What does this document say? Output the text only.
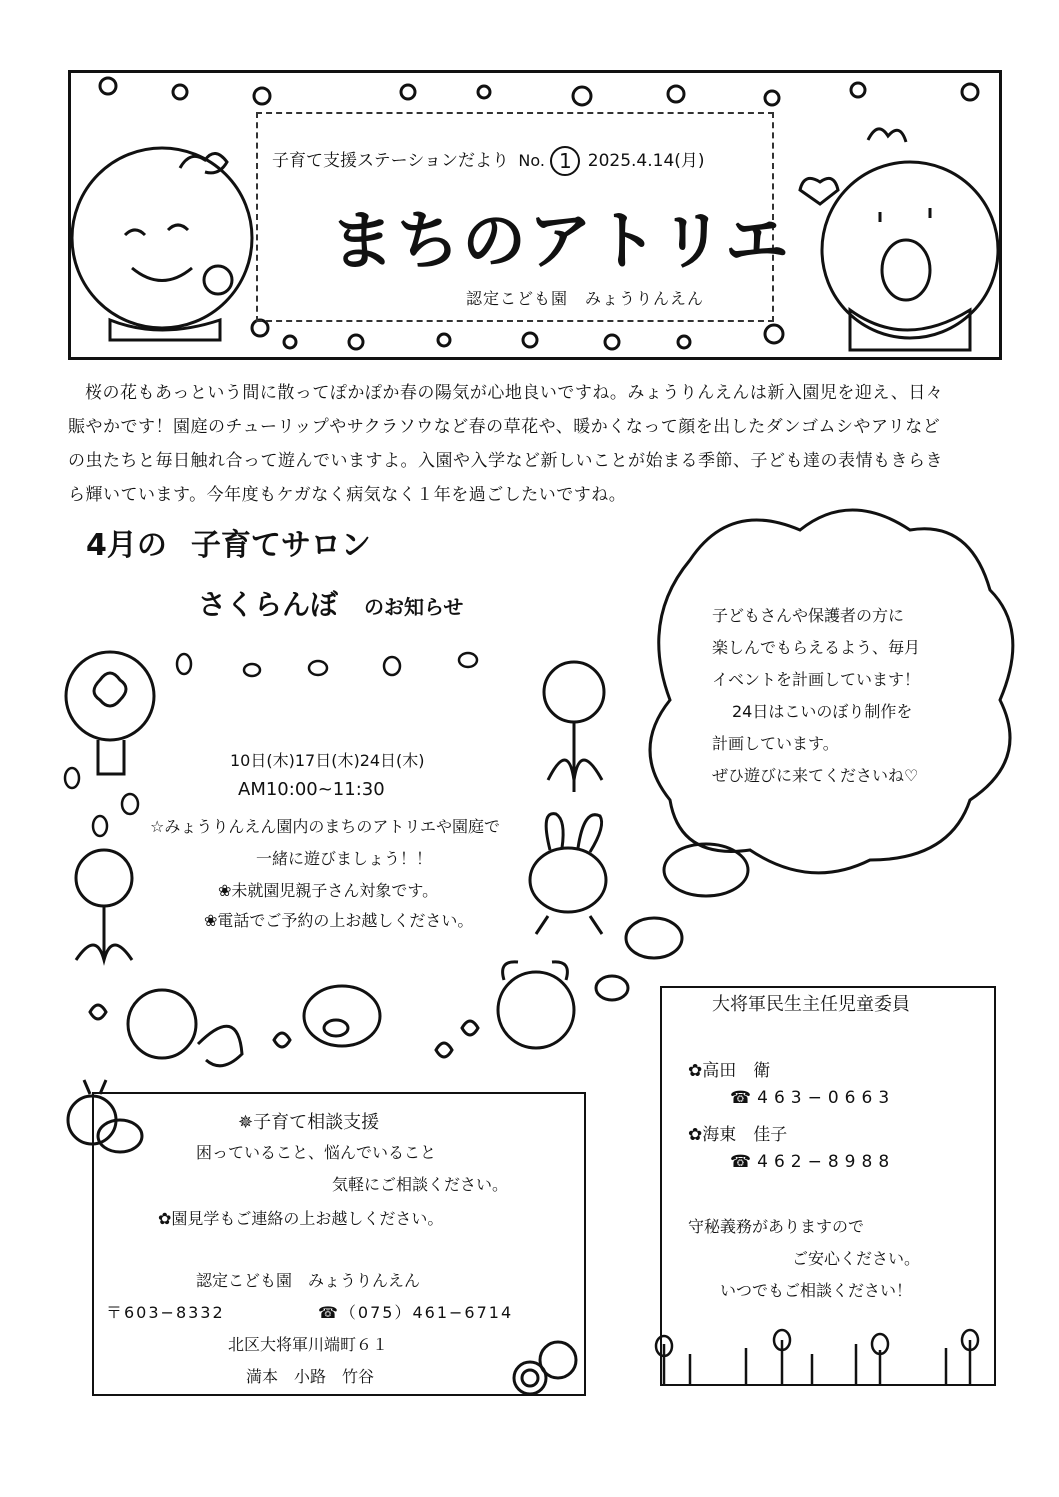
子育て支援ステーションだより No. 1 2025.4.14(月)
まちのアトリエ
認定こども園　みょうりんえん

桜の花もあっという間に散ってぽかぽか春の陽気が心地良いですね。みょうりんえんは新入園児を迎え、日々

賑やかです！園庭のチューリップやサクラソウなど春の草花や、暖かくなって顔を出したダンゴムシやアリなど
の虫たちと毎日触れ合って遊んでいますよ。入園や入学など新しいことが始まる季節、子ども達の表情もきらき
ら輝いています。今年度もケガなく病気なく１年を過ごしたいですね。
4月の 子育てサロン
さくらんぼ のお知らせ
10日(木)17日(木)24日(木)
AM10:00~11:30
☆みょうりんえん園内のまちのアトリエや園庭で
一緒に遊びましょう！！
❀未就園児親子さん対象です。
❀電話でご予約の上お越しください。
子どもさんや保護者の方に
楽しんでもらえるよう、毎月
イベントを計画しています！
24日はこいのぼり制作を
計画しています。
ぜひ遊びに来てくださいね♡
✵子育て相談支援
困っていること、悩んでいること
気軽にご相談ください。
✿園見学もご連絡の上お越しください。
認定こども園　みょうりんえん
〒603−8332	☎（075）461−6714
北区大将軍川端町６１
満本　小路　竹谷
大将軍民生主任児童委員
✿高田　衛
☎463−0663
✿海東　佳子
☎462−8988
守秘義務がありますので
ご安心ください。
いつでもご相談ください！
